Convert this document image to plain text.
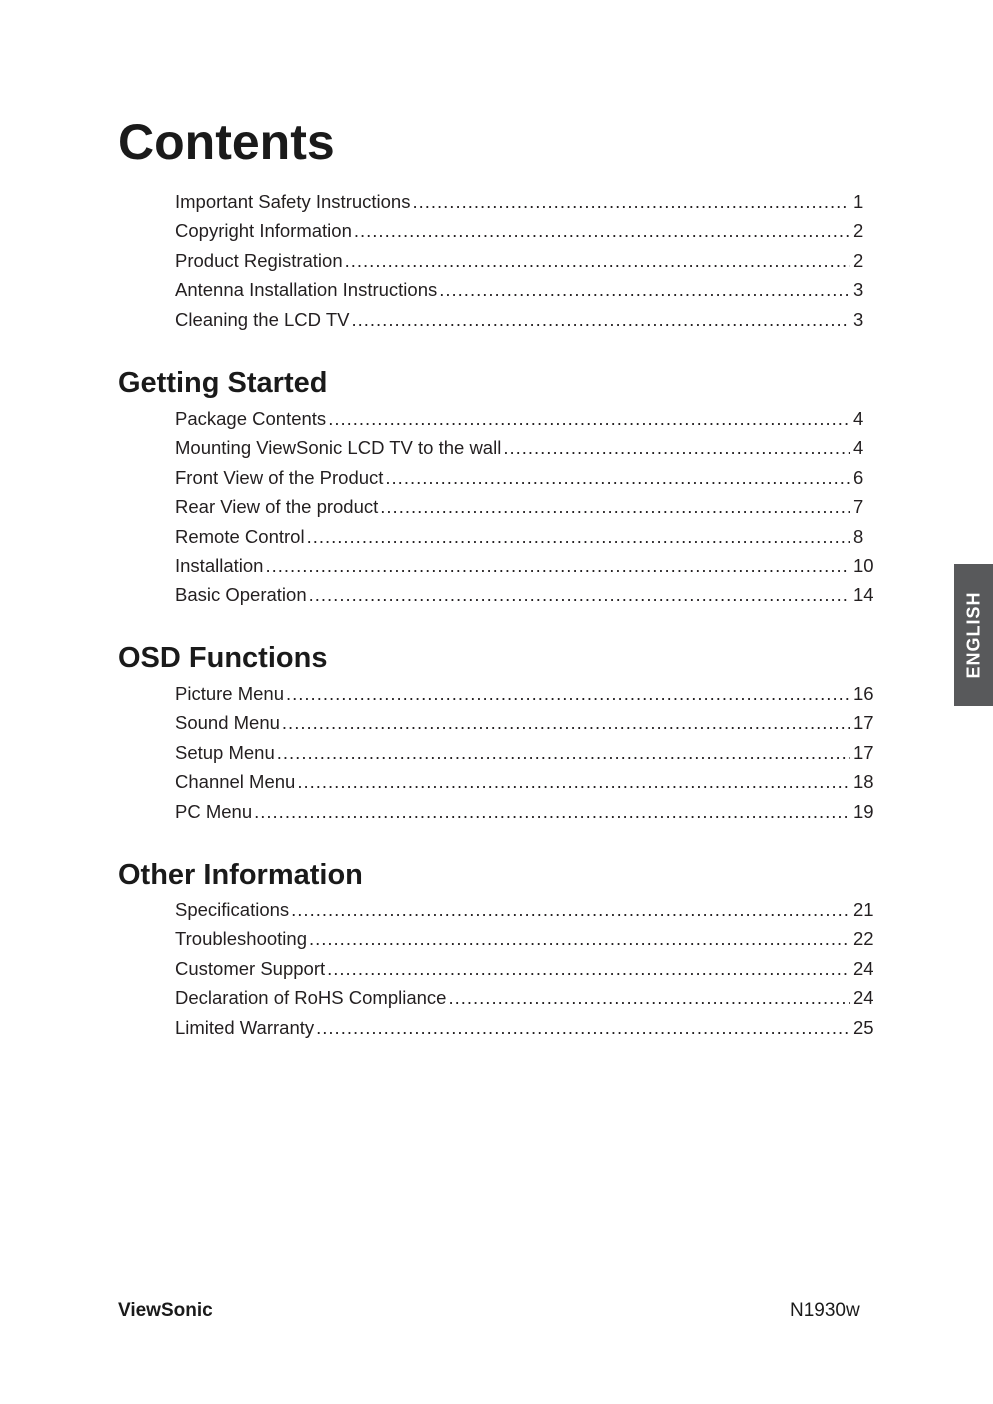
Contents
Important Safety Instructions .....	1
Copyright Information .....	2
Product Registration .....	2
Antenna Installation Instructions .....	3
Cleaning the LCD TV .....	3
Getting Started
Package Contents .....	4
Mounting ViewSonic LCD TV to the wall .....	4
Front View of the Product .....	6
Rear View of the product .....	7
Remote Control .....	8
Installation .....	10
Basic Operation .....	14
OSD Functions
Picture Menu .....	16
Sound Menu .....	17
Setup Menu .....	17
Channel Menu .....	18
PC Menu .....	19
Other Information
Specifications .....	21
Troubleshooting .....	22
Customer Support .....	24
Declaration of RoHS Compliance .....	24
Limited Warranty .....	25
ENGLISH
ViewSonic	N1930w
